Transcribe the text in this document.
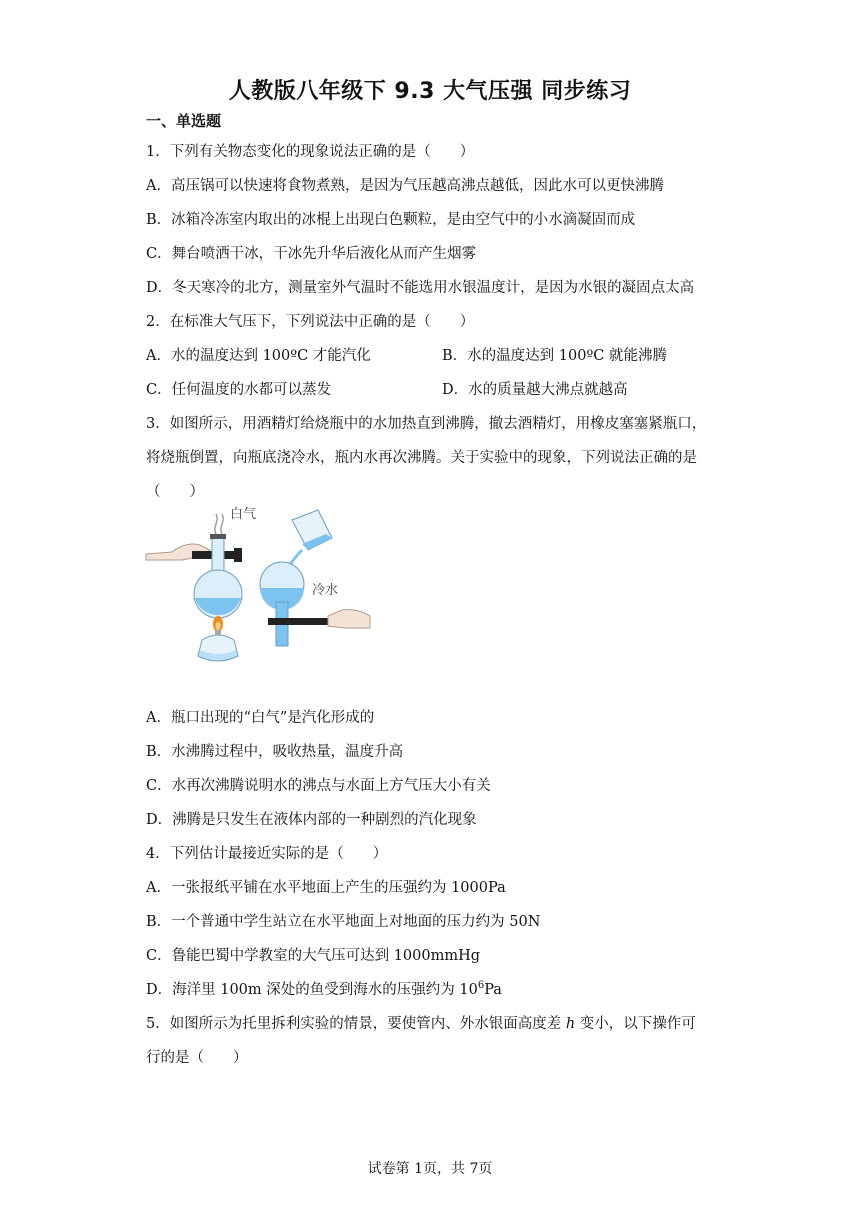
人教版八年级下 9.3 大气压强 同步练习
一、单选题
1．下列有关物态变化的现象说法正确的是（　　）
A．高压锅可以快速将食物煮熟，是因为气压越高沸点越低，因此水可以更快沸腾
B．冰箱冷冻室内取出的冰棍上出现白色颗粒，是由空气中的小水滴凝固而成
C．舞台喷洒干冰，干冰先升华后液化从而产生烟雾
D．冬天寒冷的北方，测量室外气温时不能选用水银温度计，是因为水银的凝固点太高
2．在标准大气压下，下列说法中正确的是（　　）
A．水的温度达到 100ºC 才能汽化	B．水的温度达到 100ºC 就能沸腾
C．任何温度的水都可以蒸发	D．水的质量越大沸点就越高
3．如图所示，用酒精灯给烧瓶中的水加热直到沸腾，撤去酒精灯，用橡皮塞塞紧瓶口，
将烧瓶倒置，向瓶底浇冷水，瓶内水再次沸腾。关于实验中的现象，下列说法正确的是
（　　）
白气
冷水
A．瓶口出现的“白气”是汽化形成的
B．水沸腾过程中，吸收热量，温度升高
C．水再次沸腾说明水的沸点与水面上方气压大小有关
D．沸腾是只发生在液体内部的一种剧烈的汽化现象
4．下列估计最接近实际的是（　　）
A．一张报纸平铺在水平地面上产生的压强约为 1000Pa
B．一个普通中学生站立在水平地面上对地面的压力约为 50N
C．鲁能巴蜀中学教室的大气压可达到 1000mmHg
D．海洋里 100m 深处的鱼受到海水的压强约为 $10^6Pa$
5．如图所示为托里拆利实验的情景，要使管内、外水银面高度差 h 变小，以下操作可
行的是（　　）
试卷第 1页，共 7页
